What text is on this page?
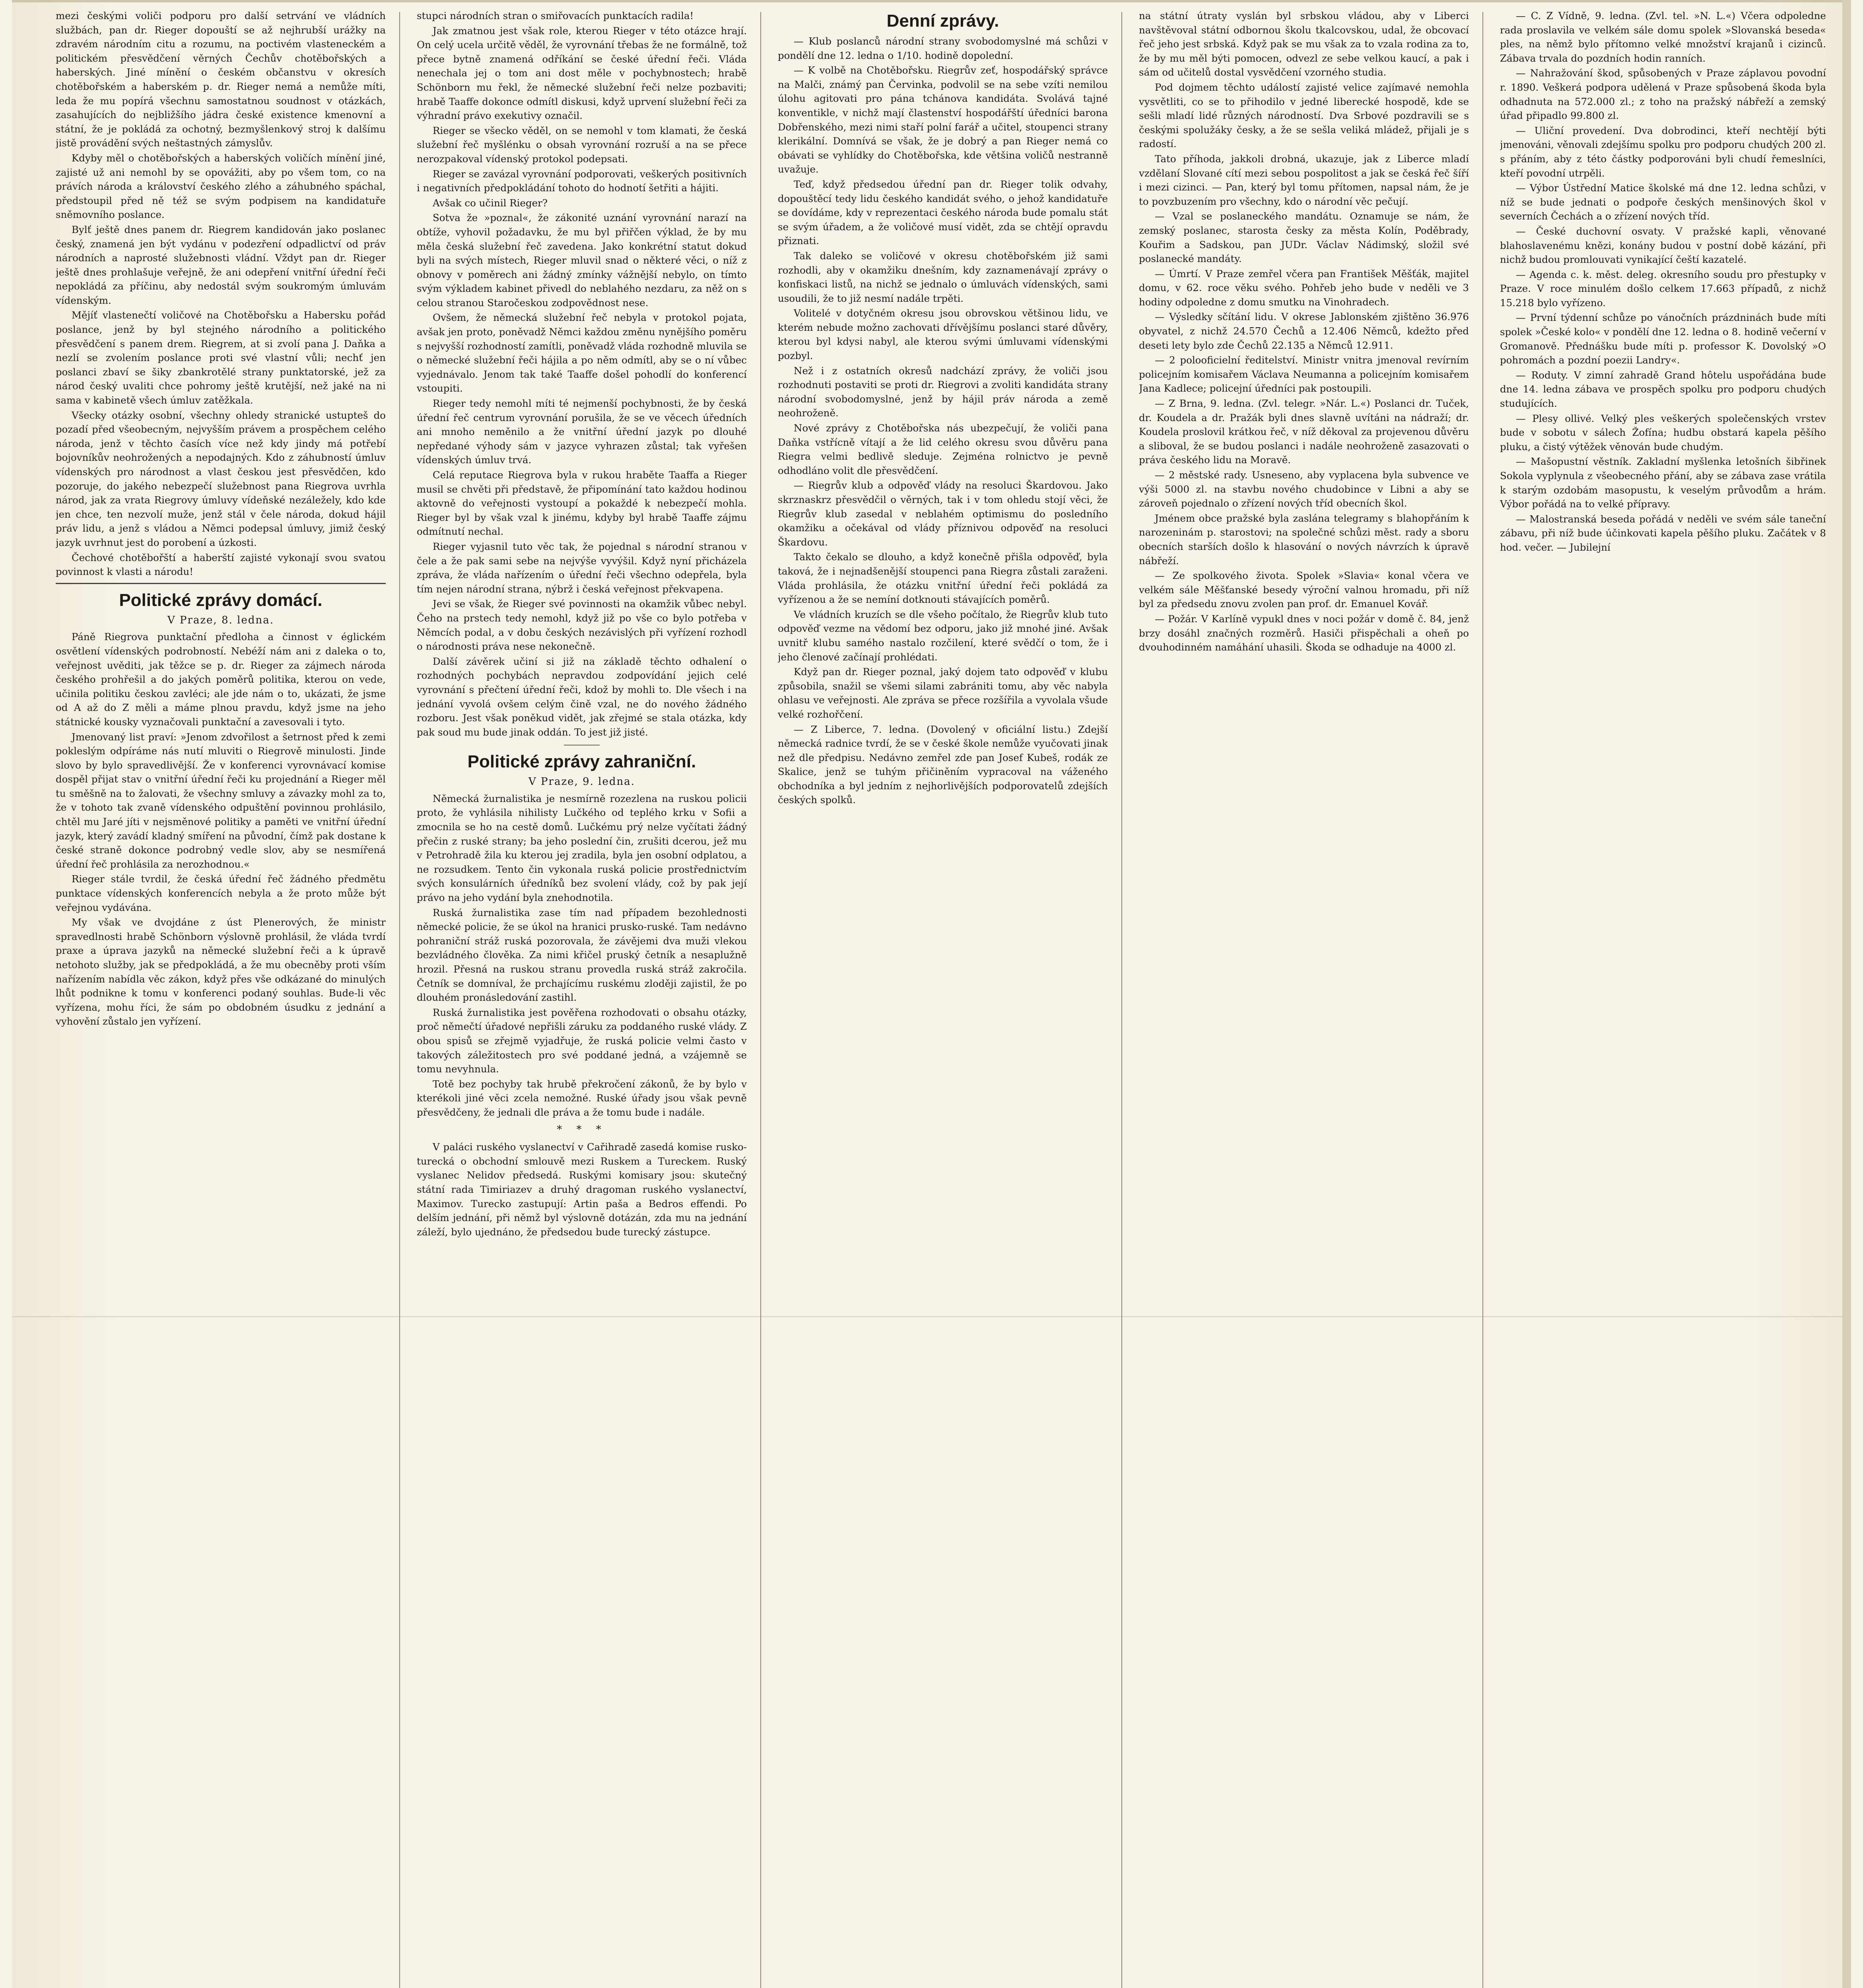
mezi českými voliči podporu pro další setrvání ve vládních službách, pan dr. Rieger dopouští se až nejhrubší urážky na zdravém národním citu a rozumu, na poctivém vlasteneckém a politickém přesvědčení věrných Čechův chotěbořských a haberských. Jiné mínění o českém občanstvu v okresích chotěbořském a haberském p. dr. Rieger nemá a nemůže míti, leda že mu popírá všechnu samostatnou soudnost v otázkách, zasahujících do nejbližšího jádra české existence kmenovní a státní, že je pokládá za ochotný, bezmyšlenkový stroj k dalšímu jistě provádění svých neštastných zámyslův.

Kdyby měl o chotěbořských a haberských voličích mínění jiné, zajisté už ani nemohl by se opovážiti, aby po všem tom, co na právích národa a království českého zlého a záhubného spáchal, předstoupil před ně též se svým podpisem na kandidatuře sněmovního poslance.

Bylť ještě dnes panem dr. Riegrem kandidován jako poslanec český, znamená jen být vydánu v podezření odpadlictví od práv národních a naprosté služebnosti vládní. Vždyt pan dr. Rieger ještě dnes prohlašuje veřejně, že ani odepření vnitřní úřední řeči nepokládá za příčinu, aby nedostál svým soukromým úmluvám vídenským.

Mějíť vlastenečtí voličové na Chotěbořsku a Habersku pořád poslance, jenž by byl stejného národního a politického přesvědčení s panem drem. Riegrem, at si zvolí pana J. Daňka a nezlí se zvolením poslance proti své vlastní vůli; nechť jen poslanci zbaví se šiky zbankrotělé strany punktatorské, jež za národ český uvaliti chce pohromy ještě krutější, než jaké na ni sama v kabinetě všech úmluv zatěžkala.

Všecky otázky osobní, všechny ohledy stranické ustupteš do pozadí před všeobecným, nejvyšším právem a prospěchem celého národa, jenž v těchto časích více než kdy jindy má potřebí bojovníkův neohrožených a nepodajných. Kdo z záhubností úmluv vídenských pro národnost a vlast českou jest přesvědčen, kdo pozoruje, do jakého nebezpečí služebnost pana Riegrova uvrhla národ, jak za vrata Riegrovy úmluvy vídeňské nezáležely, kdo kde jen chce, ten nezvolí muže, jenž stál v čele národa, dokud hájil práv lidu, a jenž s vládou a Němci podepsal úmluvy, jimiž český jazyk uvrhnut jest do porobení a úzkosti.

Čechové chotěbořští a haberští zajisté vykonají svou svatou povinnost k vlasti a národu!

Politické zprávy domácí.
V Praze, 8. ledna.

Páně Riegrova punktační předloha a činnost v églickém osvětlení vídenských podrobností. Nebéží nám ani z daleka o to, veřejnost uvěditi, jak těžce se p. dr. Rieger za zájmech národa českého prohřešil a do jakých poměrů politika, kterou on vede, učinila politiku českou zavléci; ale jde nám o to, ukázati, že jsme od A až do Z měli a máme plnou pravdu, když jsme na jeho státnické kousky vyznačovali punktační a zavesovali i tyto.

Jmenovaný list praví: »Jenom zdvořilost a šetrnost před k zemi pokleslým odpíráme nás nutí mluviti o Riegrově minulosti. Jinde slovo by bylo spravedlivější. Že v konferenci vyrovnávací komise dospěl přijat stav o vnitřní úřední řeči ku projednání a Rieger měl tu směšně na to žalovati, že všechny smluvy a závazky mohl za to, že v tohoto tak zvaně vídenského odpuštění povinnou prohlásilo, chtěl mu Jaré jíti v nejsměnové politiky a paměti ve vnitřní úřední jazyk, který zavádí kladný smíření na původní, čímž pak dostane k české straně dokonce podrobný vedle slov, aby se nesmířená úřední řeč prohlásila za nerozhodnou.«

Rieger stále tvrdil, že česká úřední řeč žádného předmětu punktace vídenských konferencích nebyla a že proto může být veřejnou vydávána.

My však ve dvojdáne z úst Plenerových, že ministr spravedlnosti hrabě Schönborn výslovně prohlásil, že vláda tvrdí praxe a úprava jazyků na německé služební řeči a k úpravě netohoto služby, jak se předpokládá, a že mu obecněby proti vším nařízením nabídla věc zákon, když přes vše odkázané do minulých lhůt podnikne k tomu v konferenci podaný souhlas. Bude-li věc vyřízena, mohu říci, že sám po obdobném úsudku z jednání a vyhovění zůstalo jen vyřízení.

stupci národních stran o smiřovacích punktacích radila!

Jak zmatnou jest však role, kterou Rieger v této otázce hrají. On celý ucela určitě věděl, že vyrovnání třebas že ne formálně, tož přece bytně znamená odříkání se české úřední řeči. Vláda nenechala jej o tom ani dost měle v pochybnostech; hrabě Schönborn mu řekl, že německé služební řeči nelze pozbaviti; hrabě Taaffe dokonce odmítl diskusi, když uprvení služební řeči za výhradní právo exekutivy označil.

Rieger se všecko věděl, on se nemohl v tom klamati, že česká služební řeč myšlénku o obsah vyrovnání rozruší a na se přece nerozpakoval vídenský protokol podepsati.

Rieger se zavázal vyrovnání podporovati, veškerých positivních i negativních předpokládání tohoto do hodnotí šetřiti a hájiti.

Avšak co učinil Rieger?

Sotva že »poznal«, že zákonité uznání vyrovnání narazí na obtíže, vyhovil požadavku, že mu byl přiřčen výklad, že by mu měla česká služební řeč zavedena. Jako konkrétní statut dokud byli na svých místech, Rieger mluvil snad o některé věci, o níž z obnovy v poměrech ani žádný zmínky vážnější nebylo, on tímto svým výkladem kabinet přivedl do neblahého nezdaru, za něž on s celou stranou Staročeskou zodpovědnost nese.

Ovšem, že německá služební řeč nebyla v protokol pojata, avšak jen proto, poněvadž Němci každou změnu nynějšího poměru s nejvyšší rozhodností zamítli, poněvadž vláda rozhodně mluvila se o německé služební řeči hájila a po něm odmítl, aby se o ní vůbec vyjednávalo. Jenom tak také Taaffe došel pohodlí do konferencí vstoupiti.

Rieger tedy nemohl míti té nejmenší pochybnosti, že by česká úřední řeč centrum vyrovnání porušila, že se ve věcech úředních ani mnoho neměnilo a že vnitřní úřední jazyk po dlouhé nepředané výhody sám v jazyce vyhrazen zůstal; tak vyřešen vídenských úmluv trvá.

Celá reputace Riegrova byla v rukou hraběte Taaffa a Rieger musil se chvěti při představě, že připomínání tato každou hodinou aktovně do veřejnosti vystoupí a pokaždé k nebezpečí mohla. Rieger byl by však vzal k jinému, kdyby byl hrabě Taaffe zájmu odmítnutí nechal.

Rieger vyjasnil tuto věc tak, že pojednal s národní stranou v čele a že pak sami sebe na nejvýše vyvýšil. Když nyní přicházela zpráva, že vláda nařízením o úřední řeči všechno odepřela, byla tím nejen národní strana, nýbrž i česká veřejnost překvapena.

Jevi se však, že Rieger své povinnosti na okamžik vůbec nebyl. Čeho na prstech tedy nemohl, když již po vše co bylo potřeba v Němcích podal, a v dobu českých nezávislých při vyřízení rozhodl o národnosti práva nese nekonečně.

Další závěrek učiní si již na základě těchto odhalení o rozhodných pochybách nepravdou zodpovídání jejich celé vyrovnání s přečtení úřední řeči, kdož by mohli to. Dle všech i na jednání vyvolá ovšem celým čině vzal, ne do nového žádného rozboru. Jest však poněkud vidět, jak zřejmé se stala otázka, kdy pak soud mu bude jinak oddán. To jest již jisté.

Politické zprávy zahraniční.
V Praze, 9. ledna.

Německá žurnalistika je nesmírně rozezlena na ruskou policii proto, že vyhlásila nihilisty Lučkého od teplého krku v Sofii a zmocnila se ho na cestě domů. Lučkému prý nelze vyčítati žádný přečin z ruské strany; ba jeho poslední čin, zrušiti dcerou, jež mu v Petrohradě žila ku kterou jej zradila, byla jen osobní odplatou, a ne rozsudkem. Tento čin vykonala ruská policie prostřednictvím svých konsulárních úředníků bez svolení vlády, což by pak její právo na jeho vydání byla znehodnotila.

Ruská žurnalistika zase tím nad případem bezohlednosti německé policie, že se úkol na hranici prusko-ruské. Tam nedávno pohraniční stráž ruská pozorovala, že závějemi dva muži vlekou bezvládného člověka. Za nimi křičel pruský četník a nesaplužně hrozil. Přesná na ruskou stranu provedla ruská stráž zakročila. Četník se domníval, že prchajícímu ruskému zloději zajistil, že po dlouhém pronásledování zastihl.

Ruská žurnalistika jest pověřena rozhodovati o obsahu otázky, proč němečtí úřadové nepřišli záruku za poddaného ruské vlády. Z obou spisů se zřejmě vyjadřuje, že ruská policie velmi často v takových záležitostech pro své poddané jedná, a vzájemně se tomu nevyhnula.

Totě bez pochyby tak hrubě překročení zákonů, že by bylo v kterékoli jiné věci zcela nemožné. Ruské úřady jsou však pevně přesvědčeny, že jednali dle práva a že tomu bude i nadále.

* * *

V paláci ruského vyslanectví v Cařihradě zasedá komise rusko-turecká o obchodní smlouvě mezi Ruskem a Tureckem. Ruský vyslanec Nelidov předsedá. Ruskými komisary jsou: skutečný státní rada Timiriazev a druhý dragoman ruského vyslanectví, Maximov. Turecko zastupují: Artin paša a Bedros effendi. Po delším jednání, při němž byl výslovně dotázán, zda mu na jednání záleží, bylo ujednáno, že předsedou bude turecký zástupce.

Denní zprávy.

— Klub poslanců národní strany svobodomyslné má schůzi v pondělí dne 12. ledna o 1/10. hodině dopolední.

— K volbě na Chotěbořsku. Riegrův zeť, hospodářský správce na Malči, známý pan Červinka, podvolil se na sebe vzíti nemilou úlohu agitovati pro pána tchánova kandidáta. Svolává tajné konventikle, v nichž mají člastenství hospodářští úředníci barona Dobřenského, mezi nimi staří polní farář a učitel, stoupenci strany klerikální. Domnívá se však, že je dobrý a pan Rieger nemá co obávati se vyhlídky do Chotěbořska, kde většina voličů nestranně uvažuje.

Teď, když předsedou úřední pan dr. Rieger tolik odvahy, dopouštěcí tedy lidu českého kandidát svého, o jehož kandidatuře se dovídáme, kdy v reprezentaci českého národa bude pomalu stát se svým úřadem, a že voličové musí vidět, zda se chtějí opravdu přiznati.

Tak daleko se voličové v okresu chotěbořském již sami rozhodli, aby v okamžiku dnešním, kdy zaznamenávají zprávy o konfiskaci listů, na nichž se jednalo o úmluvách vídenských, sami usoudili, že to již nesmí nadále trpěti.

Volitelé v dotyčném okresu jsou obrovskou většinou lidu, ve kterém nebude možno zachovati dřívějšímu poslanci staré důvěry, kterou byl kdysi nabyl, ale kterou svými úmluvami vídenskými pozbyl.

Než i z ostatních okresů nadchází zprávy, že voliči jsou rozhodnuti postaviti se proti dr. Riegrovi a zvoliti kandidáta strany národní svobodomyslné, jenž by hájil práv národa a země neohroženě.

Nové zprávy z Chotěbořska nás ubezpečují, že voliči pana Daňka vstřícně vítají a že lid celého okresu svou důvěru pana Riegra velmi bedlivě sleduje. Zejména rolnictvo je pevně odhodláno volit dle přesvědčení.

— Riegrův klub a odpověď vlády na resoluci Škardovou. Jako skrznaskrz přesvědčil o věrných, tak i v tom ohledu stojí věci, že Riegrův klub zasedal v neblahém optimismu do posledního okamžiku a očekával od vlády příznivou odpověď na resoluci Škardovu.

Takto čekalo se dlouho, a když konečně přišla odpověď, byla taková, že i nejnadšenější stoupenci pana Riegra zůstali zaraženi. Vláda prohlásila, že otázku vnitřní úřední řeči pokládá za vyřízenou a že se nemíní dotknouti stávajících poměrů.

Ve vládních kruzích se dle všeho počítalo, že Riegrův klub tuto odpověď vezme na vědomí bez odporu, jako již mnohé jiné. Avšak uvnitř klubu samého nastalo rozčilení, které svědčí o tom, že i jeho členové začínají prohlédati.

Když pan dr. Rieger poznal, jaký dojem tato odpověď v klubu způsobila, snažil se všemi silami zabrániti tomu, aby věc nabyla ohlasu ve veřejnosti. Ale zpráva se přece rozšířila a vyvolala všude velké rozhořčení.

— Z Liberce, 7. ledna. (Dovolený v oficiální listu.) Zdejší německá radnice tvrdí, že se v české škole nemůže vyučovati jinak než dle předpisu. Nedávno zemřel zde pan Josef Kubeš, rodák ze Skalice, jenž se tuhým přičiněním vypracoval na váženého obchodníka a byl jedním z nejhorlivějších podporovatelů zdejších českých spolků.

na státní útraty vyslán byl srbskou vládou, aby v Liberci navštěvoval státní odbornou školu tkalcovskou, udal, že obcovací řeč jeho jest srbská. Když pak se mu však za to vzala rodina za to, že by mu měl býti pomocen, odvezl ze sebe velkou kaucí, a pak i sám od učitelů dostal vysvědčení vzorného studia.

Pod dojmem těchto událostí zajisté velice zajímavé nemohla vysvětliti, co se to přihodilo v jedné liberecké hospodě, kde se sešli mladí lidé různých národností. Dva Srbové pozdravili se s českými spolužáky česky, a že se sešla veliká mládež, přijali je s radostí.

Tato příhoda, jakkoli drobná, ukazuje, jak z Liberce mladí vzdělaní Slované cítí mezi sebou pospolitost a jak se česká řeč šíří i mezi cizinci. — Pan, který byl tomu přítomen, napsal nám, že je to povzbuzením pro všechny, kdo o národní věc pečují.

— Vzal se poslaneckého mandátu. Oznamuje se nám, že zemský poslanec, starosta česky za města Kolín, Poděbrady, Kouřim a Sadskou, pan JUDr. Václav Nádimský, složil své poslanecké mandáty.

— Úmrtí. V Praze zemřel včera pan František Měšťák, majitel domu, v 62. roce věku svého. Pohřeb jeho bude v neděli ve 3 hodiny odpoledne z domu smutku na Vinohradech.

— Výsledky sčítání lidu. V okrese Jablonském zjištěno 36.976 obyvatel, z nichž 24.570 Čechů a 12.406 Němců, kdežto před deseti lety bylo zde Čechů 22.135 a Němců 12.911.

— 2 polooficielní ředitelství. Ministr vnitra jmenoval revírním policejním komisařem Václava Neumanna a policejním komisařem Jana Kadlece; policejní úředníci pak postoupili.

— Z Brna, 9. ledna. (Zvl. telegr. »Nár. L.«) Poslanci dr. Tuček, dr. Koudela a dr. Pražák byli dnes slavně uvítáni na nádraží; dr. Koudela proslovil krátkou řeč, v níž děkoval za projevenou důvěru a sliboval, že se budou poslanci i nadále neohroženě zasazovati o práva českého lidu na Moravě.

— 2 městské rady. Usneseno, aby vyplacena byla subvence ve výši 5000 zl. na stavbu nového chudobince v Libni a aby se zároveň pojednalo o zřízení nových tříd obecních škol.

Jménem obce pražské byla zaslána telegramy s blahopřáním k narozeninám p. starostovi; na společné schůzi měst. rady a sboru obecních starších došlo k hlasování o nových návrzích k úpravě nábřeží.

— Ze spolkového života. Spolek »Slavia« konal včera ve velkém sále Měšťanské besedy výroční valnou hromadu, při níž byl za předsedu znovu zvolen pan prof. dr. Emanuel Kovář.

— Požár. V Karlíně vypukl dnes v noci požár v domě č. 84, jenž brzy dosáhl značných rozměrů. Hasiči přispěchali a oheň po dvouhodinném namáhání uhasili. Škoda se odhaduje na 4000 zl.

— C. Z Vídně, 9. ledna. (Zvl. tel. »N. L.«) Včera odpoledne rada proslavila ve velkém sále domu spolek »Slovanská beseda« ples, na němž bylo přítomno velké množství krajanů i cizinců. Zábava trvala do pozdních hodin ranních.

— Nahražování škod, spůsobených v Praze záplavou povodní r. 1890. Veškerá podpora udělená v Praze spůsobená škoda byla odhadnuta na 572.000 zl.; z toho na pražský nábřeží a zemský úřad připadlo 99.800 zl.

— Uliční provedení. Dva dobrodinci, kteří nechtějí býti jmenováni, věnovali zdejšímu spolku pro podporu chudých 200 zl. s přáním, aby z této částky podporováni byli chudí řemeslníci, kteří povodní utrpěli.

— Výbor Ústřední Matice školské má dne 12. ledna schůzi, v níž se bude jednati o podpoře českých menšinových škol v severních Čechách a o zřízení nových tříd.

— České duchovní osvaty. V pražské kapli, věnované blahoslavenému knězi, konány budou v postní době kázání, při nichž budou promlouvati vynikající čeští kazatelé.

— Agenda c. k. měst. deleg. okresního soudu pro přestupky v Praze. V roce minulém došlo celkem 17.663 případů, z nichž 15.218 bylo vyřízeno.

— První týdenní schůze po vánočních prázdninách bude míti spolek »České kolo« v pondělí dne 12. ledna o 8. hodině večerní v Gromanově. Přednášku bude míti p. professor K. Dovolský »O pohromách a pozdní poezii Landry«.

— Roduty. V zimní zahradě Grand hôtelu uspořádána bude dne 14. ledna zábava ve prospěch spolku pro podporu chudých studujících.

— Plesy ollivé. Velký ples veškerých společenských vrstev bude v sobotu v sálech Žofína; hudbu obstará kapela pěšího pluku, a čistý výtěžek věnován bude chudým.

— Mašopustní věstník. Zakladní myšlenka letošních šibřinek Sokola vyplynula z všeobecného přání, aby se zábava zase vrátila k starým ozdobám masopustu, k veselým průvodům a hrám. Výbor pořádá na to velké přípravy.

— Malostranská beseda pořádá v neděli ve svém sále taneční zábavu, při níž bude účinkovati kapela pěšího pluku. Začátek v 8 hod. večer. — Jubilejní
